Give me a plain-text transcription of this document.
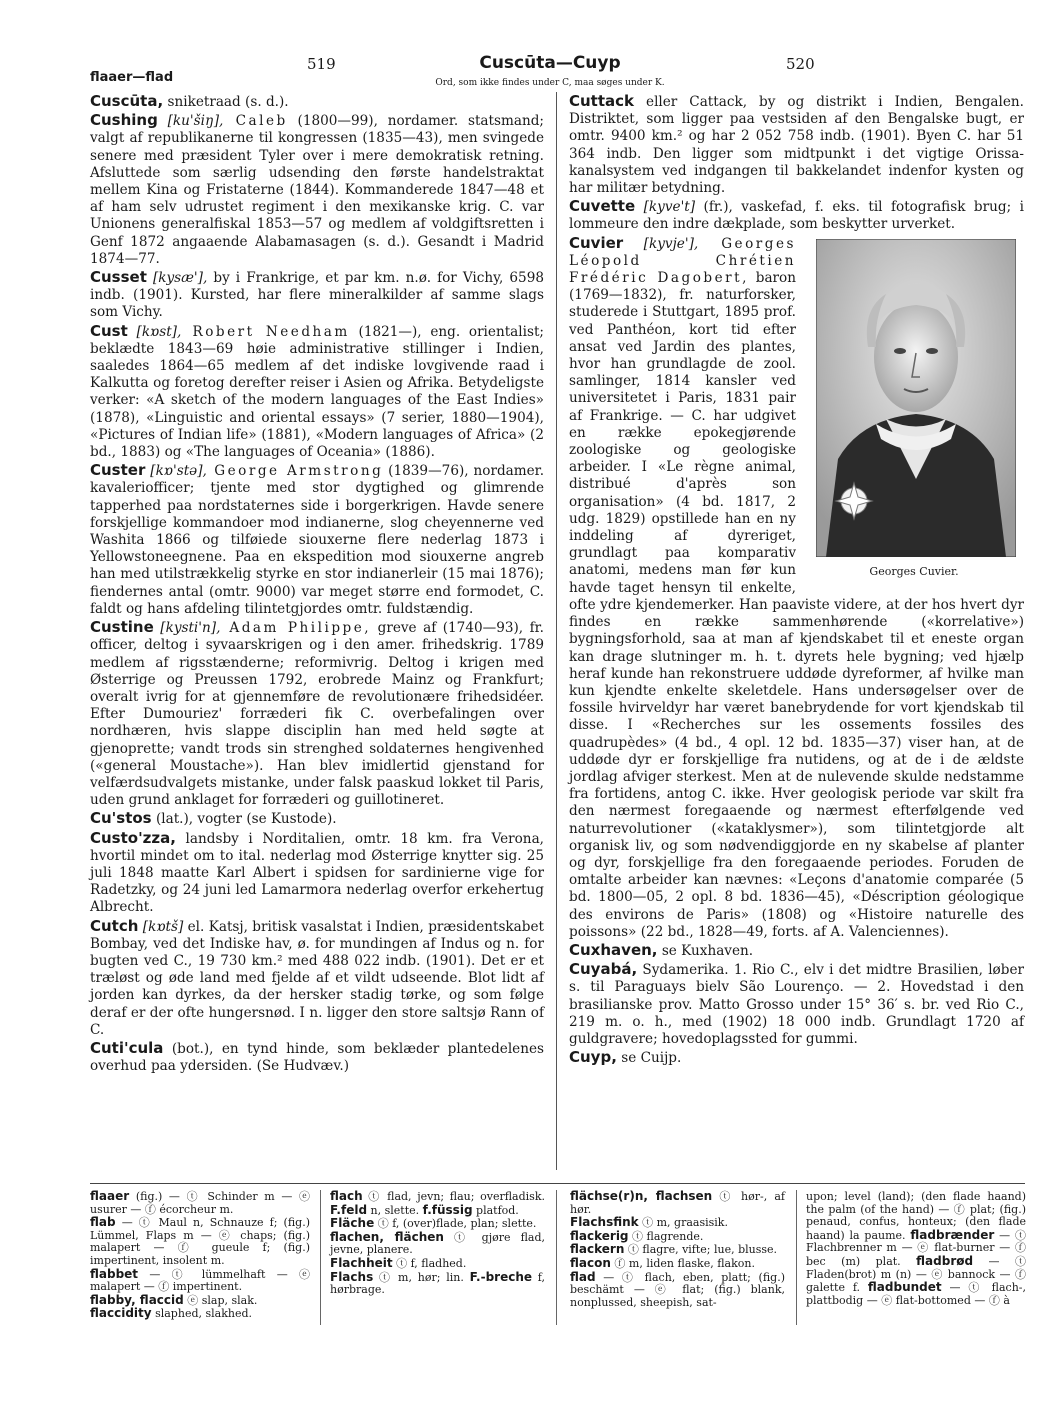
519	Cuscūta—Cuyp	520
Ord, som ikke findes under C, maa søges under K.
flaaer—flad

Cuscūta, sniketraad (s. d.).

Cushing [ku'šiŋ], Caleb (1800—99), nordamer. statsmand; valgt af republikanerne til kongressen (1835—43), men svingede senere med præsident Tyler over i mere demokratisk retning. Afsluttede som særlig udsending den første handelstraktat mellem Kina og Fristaterne (1844). Kommanderede 1847—48 et af ham selv udrustet regiment i den mexikanske krig. C. var Unionens generalfiskal 1853—57 og medlem af voldgiftsretten i Genf 1872 angaaende Alabamasagen (s. d.). Gesandt i Madrid 1874—77.

Cusset [kysæ'], by i Frankrige, et par km. n.ø. for Vichy, 6598 indb. (1901). Kursted, har flere mineralkilder af samme slags som Vichy.

Cust [kɒst], Robert Needham (1821—), eng. orientalist; beklædte 1843—69 høie administrative stillinger i Indien, saaledes 1864—65 medlem af det indiske lovgivende raad i Kalkutta og foretog derefter reiser i Asien og Afrika. Betydeligste verker: «A sketch of the modern languages of the East Indies» (1878), «Linguistic and oriental essays» (7 serier, 1880—1904), «Pictures of Indian life» (1881), «Modern languages of Africa» (2 bd., 1883) og «The languages of Oceania» (1886).

Custer [kɒ'stə], George Armstrong (1839—76), nordamer. kavaleriofficer; tjente med stor dygtighed og glimrende tapperhed paa nordstaternes side i borgerkrigen. Havde senere forskjellige kommandoer mod indianerne, slog cheyennerne ved Washita 1866 og tilføiede siouxerne flere nederlag 1873 i Yellowstoneegnene. Paa en ekspedition mod siouxerne angreb han med utilstrækkelig styrke en stor indianerleir (15 mai 1876); fiendernes antal (omtr. 9000) var meget større end formodet, C. faldt og hans afdeling tilintetgjordes omtr. fuldstændig.

Custine [kysti'n], Adam Philippe, greve af (1740—93), fr. officer, deltog i syvaarskrigen og i den amer. frihedskrig. 1789 medlem af rigsstænderne; reformivrig. Deltog i krigen med Østerrige og Preussen 1792, erobrede Mainz og Frankfurt; overalt ivrig for at gjennemføre de revolutionære frihedsidéer. Efter Dumouriez' forræderi fik C. overbefalingen over nordhæren, hvis slappe disciplin han med held søgte at gjenoprette; vandt trods sin strenghed soldaternes hengivenhed («general Moustache»). Han blev imidlertid gjenstand for velfærdsudvalgets mistanke, under falsk paaskud lokket til Paris, uden grund anklaget for forræderi og guillotineret.

Cu'stos (lat.), vogter (se Kustode).

Custo'zza, landsby i Norditalien, omtr. 18 km. fra Verona, hvortil mindet om to ital. nederlag mod Østerrige knytter sig. 25 juli 1848 maatte Karl Albert i spidsen for sardinierne vige for Radetzky, og 24 juni led Lamarmora nederlag overfor erkehertug Albrecht.

Cutch [kɒtš] el. Katsj, britisk vasalstat i Indien, præsidentskabet Bombay, ved det Indiske hav, ø. for mundingen af Indus og n. for bugten ved C., 19 730 km.² med 488 022 indb. (1901). Det er et træløst og øde land med fjelde af et vildt udseende. Blot lidt af jorden kan dyrkes, da der hersker stadig tørke, og som følge deraf er der ofte hungersnød. I n. ligger den store saltsjø Rann of C.

Cuti'cula (bot.), en tynd hinde, som beklæder plantedelenes overhud paa ydersiden. (Se Hudvæv.)

Cuttack eller Cattack, by og distrikt i Indien, Bengalen. Distriktet, som ligger paa vestsiden af den Bengalske bugt, er omtr. 9400 km.² og har 2 052 758 indb. (1901). Byen C. har 51 364 indb. Den ligger som midtpunkt i det vigtige Orissa-kanalsystem ved indgangen til bakkelandet indenfor kysten og har militær betydning.

Cuvette [kyve't] (fr.), vaskefad, f. eks. til fotografisk brug; i lommeure den indre dækplade, som beskytter urverket.

Georges Cuvier.

Cuvier [kyvje'], Georges Léopold Chrétien Frédéric Dagobert, baron (1769—1832), fr. naturforsker, studerede i Stuttgart, 1895 prof. ved Panthéon, kort tid efter ansat ved Jardin des plantes, hvor han grundlagde de zool. samlinger, 1814 kansler ved universitetet i Paris, 1831 pair af Frankrige. — C. har udgivet en række epokegjørende zoologiske og geologiske arbeider. I «Le règne animal, distribué d'après son organisation» (4 bd. 1817, 2 udg. 1829) opstillede han en ny inddeling af dyreriget, grundlagt paa komparativ anatomi, medens man før kun havde taget hensyn til enkelte, ofte ydre kjendemerker. Han paaviste videre, at der hos hvert dyr findes en række sammenhørende («korrelative») bygningsforhold, saa at man af kjendskabet til et eneste organ kan drage slutninger m. h. t. dyrets hele bygning; ved hjælp heraf kunde han rekonstruere uddøde dyreformer, af hvilke man kun kjendte enkelte skeletdele. Hans undersøgelser over de fossile hvirveldyr har været banebrydende for vort kjendskab til disse. I «Recherches sur les ossements fossiles des quadrupèdes» (4 bd., 4 opl. 12 bd. 1835—37) viser han, at de uddøde dyr er forskjellige fra nutidens, og at de i de ældste jordlag afviger sterkest. Men at de nulevende skulde nedstamme fra fortidens, antog C. ikke. Hver geologisk periode var skilt fra den nærmest foregaaende og nærmest efterfølgende ved naturrevolutioner («kataklysmer»), som tilintetgjorde alt organisk liv, og som nødvendiggjorde en ny skabelse af planter og dyr, forskjellige fra den foregaaende periodes. Foruden de omtalte arbeider kan nævnes: «Leçons d'anatomie comparée (5 bd. 1800—05, 2 opl. 8 bd. 1836—45), «Déscription géologique des environs de Paris» (1808) og «Histoire naturelle des poissons» (22 bd., 1828—49, forts. af A. Valenciennes).

Cuxhaven, se Kuxhaven.

Cuyabá, Sydamerika. 1. Rio C., elv i det midtre Brasilien, løber s. til Paraguays bielv São Lourenço. — 2. Hovedstad i den brasilianske prov. Matto Grosso under 15° 36′ s. br. ved Rio C., 219 m. o. h., med (1902) 18 000 indb. Grundlagt 1720 af guldgravere; hovedoplagssted for gummi.

Cuyp, se Cuijp.

flaaer (fig.) — ⓣ Schinder m — ⓔ usurer — ⓕ écorcheur m.

flab — ⓣ Maul n, Schnauze f; (fig.) Lümmel, Flaps m — ⓔ chaps; (fig.) malapert — ⓕ gueule f; (fig.) impertinent, insolent m.

flabbet — ⓣ lümmelhaft — ⓔ malapert — ⓕ impertinent.

flabby, flaccid ⓔ slap, slak.

flaccidity slaphed, slakhed.

flach ⓣ flad, jevn; flau; overfladisk. F.feld n, slette. f.füssig platfod.

Fläche ⓣ f, (over)flade, plan; slette.

flachen, flächen ⓣ gjøre flad, jevne, planere.

Flachheit ⓣ f, fladhed.

Flachs ⓣ m, hør; lin. F.-breche f, hørbrage.

flächse(r)n, flachsen ⓣ hør-, af hør.

Flachsfink ⓣ m, graasisik.

flackerig ⓣ flagrende.

flackern ⓣ flagre, vifte; lue, blusse.

flacon ⓕ m, liden flaske, flakon.

flad — ⓣ flach, eben, platt; (fig.) beschämt — ⓔ flat; (fig.) blank, nonplussed, sheepish, sat-

upon; level (land); (den flade haand) the palm (of the hand) — ⓕ plat; (fig.) penaud, confus, honteux; (den flade haand) la paume. fladbrænder — ⓣ Flachbrenner m — ⓔ flat-burner — ⓕ bec (m) plat. fladbrød — ⓣ Fladen(brot) m (n) — ⓔ bannock — ⓕ galette f. fladbundet — ⓣ flach-, plattbodig — ⓔ flat-bottomed — ⓕ à
